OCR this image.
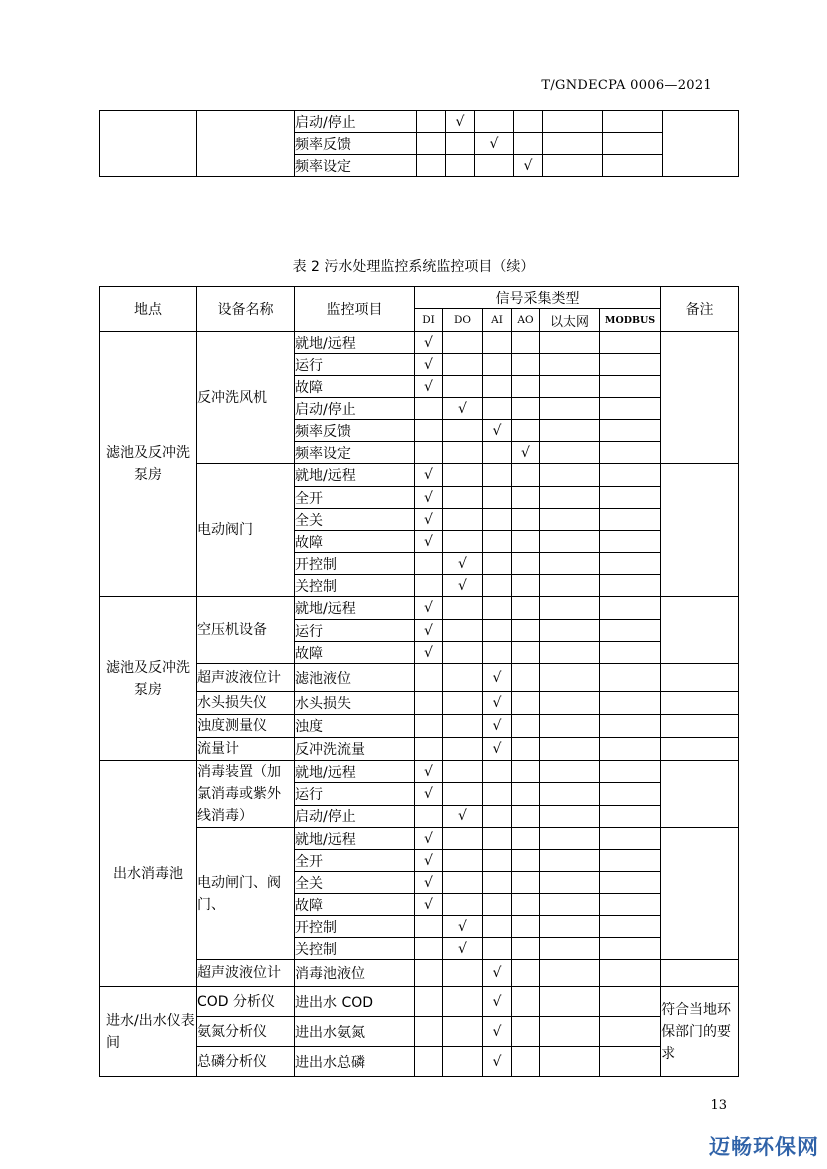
T/GNDECPA 0006—2021
		启动/停止		√					
		频率反馈			√				
		频率设定				√			
表 2 污水处理监控系统监控项目（续）
地点	设备名称	监控项目	信号采集类型						备注
			DI	DO	AI	AO	以太网	MODBUS	
滤池及反冲洗泵房	反冲洗风机	就地/远程	√						
		运行	√						
		故障	√						
		启动/停止		√					
		频率反馈			√				
		频率设定				√			
	电动阀门	就地/远程	√						
		全开	√						
		全关	√						
		故障	√						
		开控制		√					
		关控制		√					
滤池及反冲洗泵房	空压机设备	就地/远程	√						
		运行	√						
		故障	√						
	超声波液位计	滤池液位			√				
	水头损失仪	水头损失			√				
	浊度测量仪	浊度			√				
	流量计	反冲洗流量			√				
出水消毒池	消毒装置（加氯消毒或紫外线消毒）	就地/远程	√						
		运行	√						
		启动/停止		√					
	电动闸门、阀门、	就地/远程	√						
		全开	√						
		全关	√						
		故障	√						
		开控制		√					
		关控制		√					
	超声波液位计	消毒池液位			√				
进水/出水仪表间	COD 分析仪	进出水 COD			√				符合当地环保部门的要求
	氨氮分析仪	进出水氨氮			√				
	总磷分析仪	进出水总磷			√				
13
迈畅环保网
